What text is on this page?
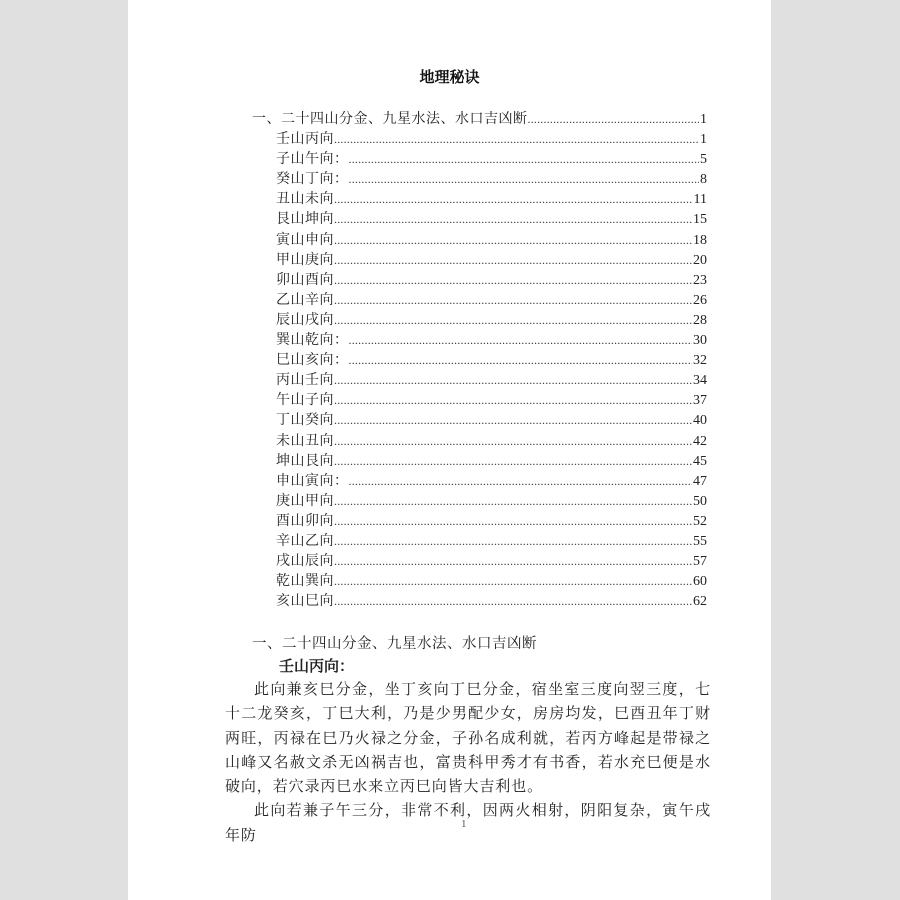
地理秘诀
一、二十四山分金、九星水法、水口吉凶断 .....	1
壬山丙向 .....	1
子山午向： .....	5
癸山丁向： .....	8
丑山未向 .....	11
艮山坤向 .....	15
寅山申向 .....	18
甲山庚向 .....	20
卯山酉向 .....	23
乙山辛向 .....	26
辰山戌向 .....	28
巽山乾向： .....	30
巳山亥向： .....	32
丙山壬向 .....	34
午山子向 .....	37
丁山癸向 .....	40
未山丑向 .....	42
坤山艮向 .....	45
申山寅向： .....	47
庚山甲向 .....	50
酉山卯向 .....	52
辛山乙向 .....	55
戌山辰向 .....	57
乾山巽向 .....	60
亥山巳向 .....	62
一、二十四山分金、九星水法、水口吉凶断
壬山丙向：

此向兼亥巳分金，坐丁亥向丁巳分金，宿坐室三度向翌三度，七十二龙癸亥，丁巳大利，乃是少男配少女，房房均发，巳酉丑年丁财两旺，丙禄在巳乃火禄之分金，子孙名成利就，若丙方峰起是带禄之山峰又名赦文杀无凶祸吉也，富贵科甲秀才有书香，若水充巳便是水破向，若穴录丙巳水来立丙巳向皆大吉利也。

此向若兼子午三分，非常不利，因两火相射，阴阳复杂，寅午戌年防

1
